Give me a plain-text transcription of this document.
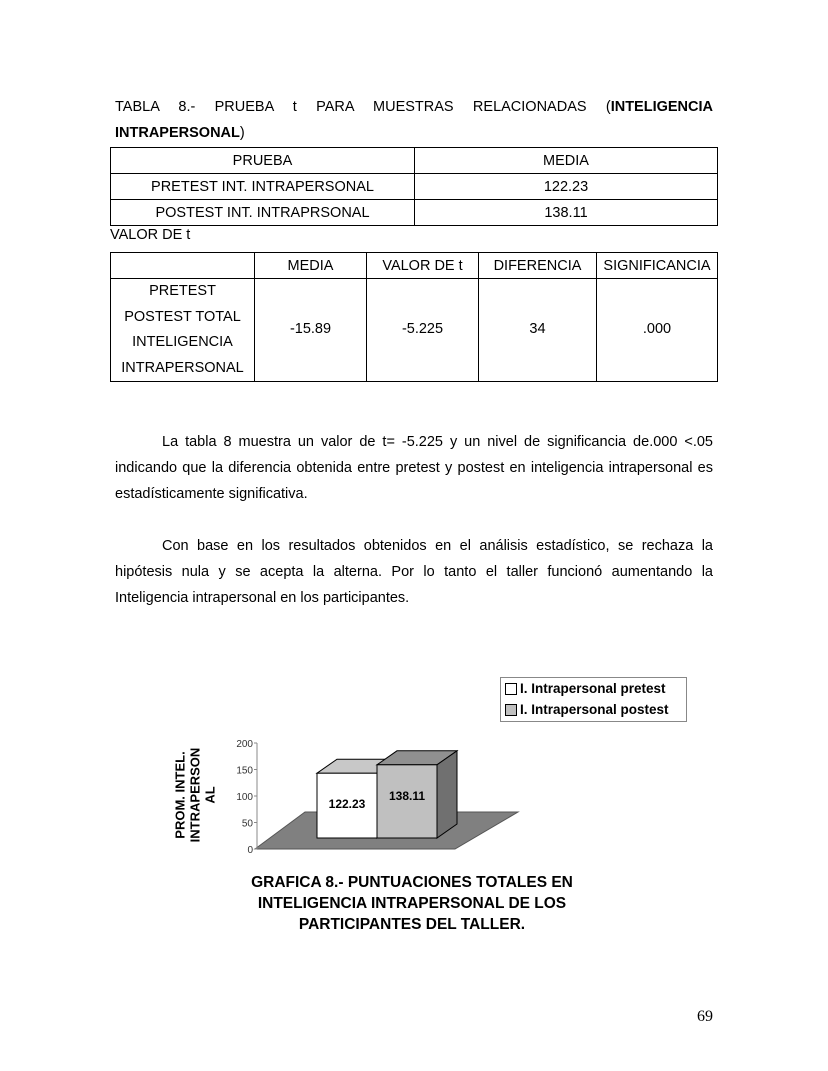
TABLA 8.- PRUEBA t PARA MUESTRAS RELACIONADAS (INTELIGENCIA
INTRAPERSONAL)
PRUEBA	MEDIA
PRETEST INT. INTRAPERSONAL	122.23
POSTEST INT. INTRAPRSONAL	138.11
VALOR DE t
	MEDIA	VALOR DE t	DIFERENCIA	SIGNIFICANCIA

PRETEST
POSTEST TOTAL
INTELIGENCIA
INTRAPERSONAL	-15.89	-5.225	34	.000
La tabla 8 muestra un valor de t= -5.225 y un nivel de significancia de.000 <.05 indicando que la diferencia obtenida entre pretest y postest en inteligencia intrapersonal es estadísticamente significativa.
Con base en los resultados obtenidos en el análisis estadístico, se rechaza la hipótesis nula y se acepta la alterna. Por lo tanto el taller funcionó aumentando la Inteligencia intrapersonal en los participantes.
I. Intrapersonal pretest
I. Intrapersonal postest
PROM. INTEL.
INTRAPERSON
AL
0
50
100
150
200
122.23
138.11
GRAFICA 8.- PUNTUACIONES TOTALES EN
INTELIGENCIA INTRAPERSONAL DE LOS
PARTICIPANTES DEL TALLER.
69
